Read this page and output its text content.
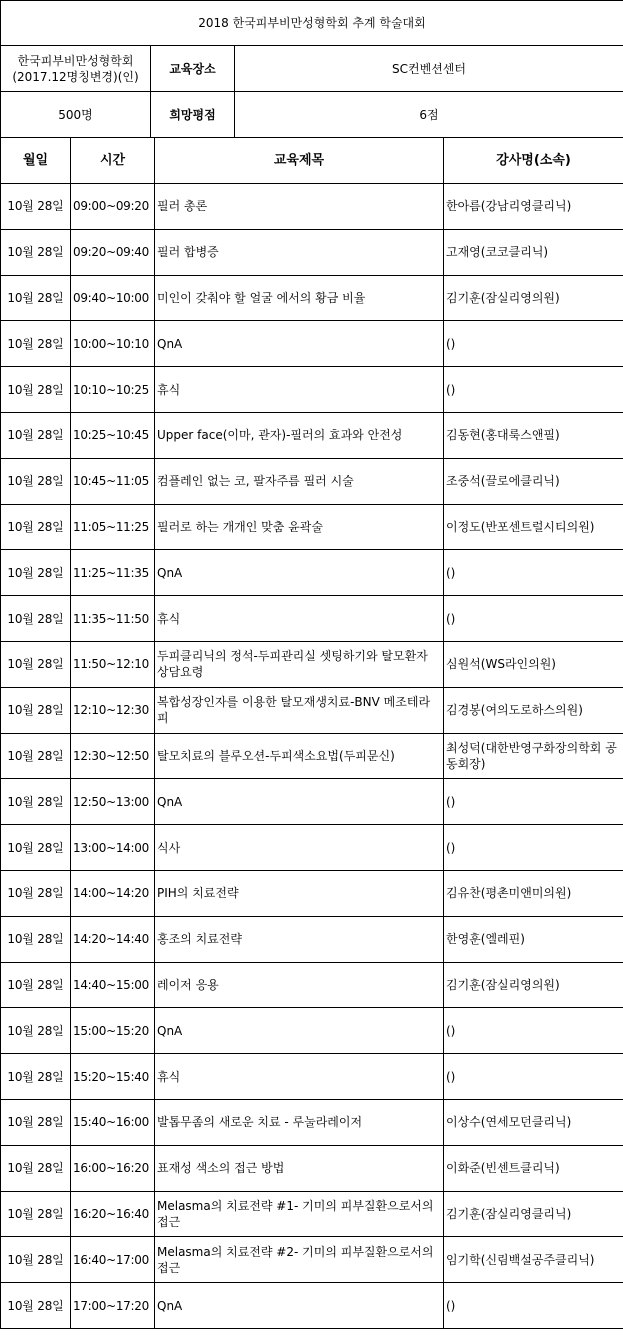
2018 한국피부비만성형학회 추계 학술대회		
한국피부비만성형학회
(2017.12명칭변경)(인)	교육장소	SC컨벤션센터
500명	희망평점	6점
월일	시간	교육제목	강사명(소속)
10월 28일	09:00~09:20	필러 총론	한아름(강남리영클리닉)
10월 28일	09:20~09:40	필러 합병증	고재영(코코클리닉)
10월 28일	09:40~10:00	미인이 갖춰야 할 얼굴 에서의 황금 비율	김기훈(잠실리영의원)
10월 28일	10:00~10:10	QnA	()
10월 28일	10:10~10:25	휴식	()
10월 28일	10:25~10:45	Upper face(이마, 관자)-필러의 효과와 안전성	김동현(홍대룩스앤필)
10월 28일	10:45~11:05	컴플레인 없는 코, 팔자주름 필러 시술	조중석(끌로에클리닉)
10월 28일	11:05~11:25	필러로 하는 개개인 맞춤 윤곽술	이정도(반포센트럴시티의원)
10월 28일	11:25~11:35	QnA	()
10월 28일	11:35~11:50	휴식	()
10월 28일	11:50~12:10	두피클리닉의 정석-두피관리실 셋팅하기와 탈모환자 상담요령	심원석(WS라인의원)
10월 28일	12:10~12:30	복합성장인자를 이용한 탈모재생치료-BNV 메조테라피	김경봉(여의도로하스의원)
10월 28일	12:30~12:50	탈모치료의 블루오션-두피색소요법(두피문신)	최성덕(대한반영구화장의학회 공동회장)
10월 28일	12:50~13:00	QnA	()
10월 28일	13:00~14:00	식사	()
10월 28일	14:00~14:20	PIH의 치료전략	김유찬(평촌미앤미의원)
10월 28일	14:20~14:40	홍조의 치료전략	한영훈(엘레핀)
10월 28일	14:40~15:00	레이저 응용	김기훈(잠실리영의원)
10월 28일	15:00~15:20	QnA	()
10월 28일	15:20~15:40	휴식	()
10월 28일	15:40~16:00	발톱무좀의 새로운 치료 - 루눌라레이저	이상수(연세모던클리닉)
10월 28일	16:00~16:20	표재성 색소의 접근 방법	이화준(빈센트클리닉)
10월 28일	16:20~16:40	Melasma의 치료전략 #1- 기미의 피부질환으로서의 접근	김기훈(잠실리영클리닉)
10월 28일	16:40~17:00	Melasma의 치료전략 #2- 기미의 피부질환으로서의 접근	임기학(신림백설공주클리닉)
10월 28일	17:00~17:20	QnA	()
